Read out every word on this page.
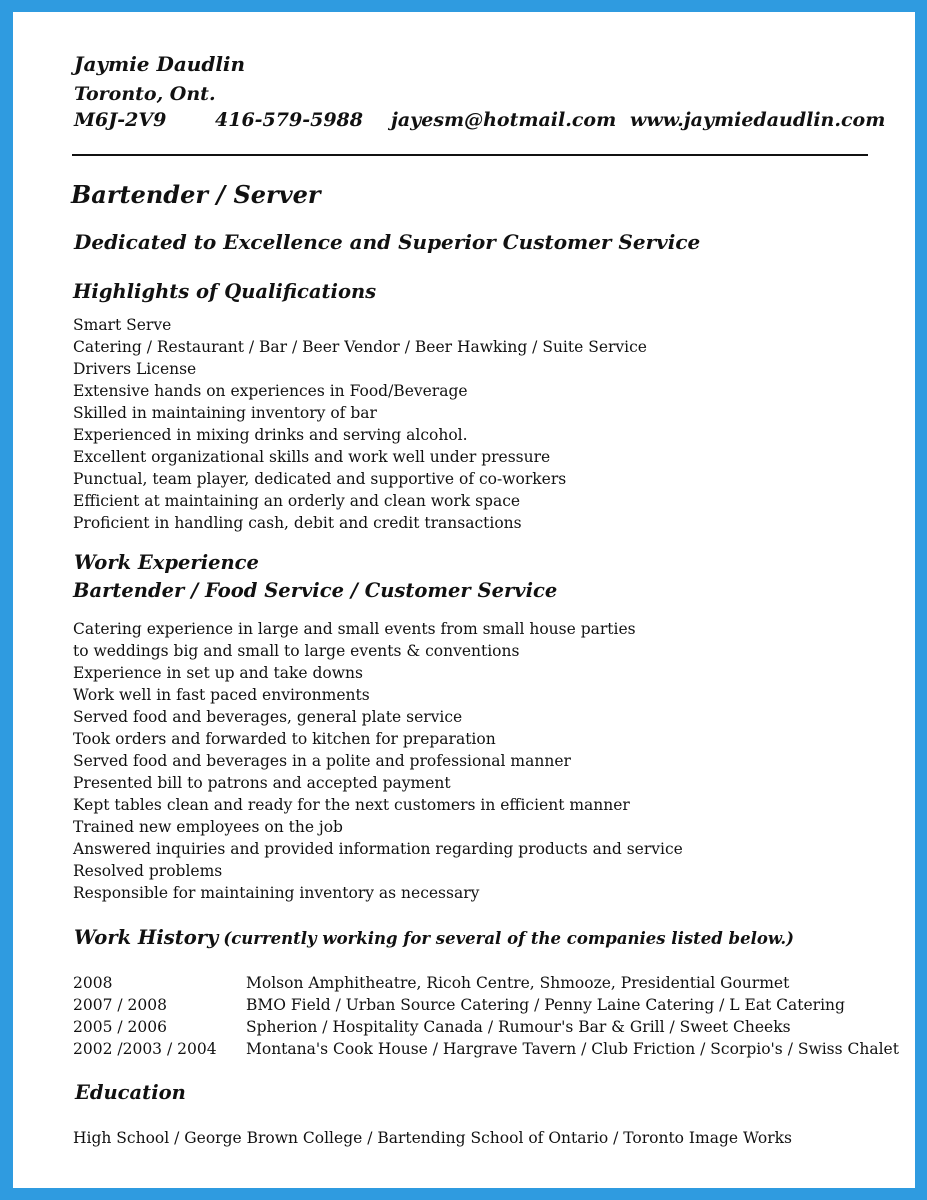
Jaymie Daudlin
Toronto, Ont.
M6J-2V9	416-579-5988 jayesm@hotmail.com www.jaymiedaudlin.com
Bartender / Server
Dedicated to Excellence and Superior Customer Service
Highlights of Qualifications
Smart Serve
Catering / Restaurant / Bar / Beer Vendor / Beer Hawking / Suite Service
Drivers License
Extensive hands on experiences in Food/Beverage
Skilled in maintaining inventory of bar
Experienced in mixing drinks and serving alcohol.
Excellent organizational skills and work well under pressure
Punctual, team player, dedicated and supportive of co-workers
Efficient at maintaining an orderly and clean work space
Proficient in handling cash, debit and credit transactions
Work Experience
Bartender / Food Service / Customer Service
Catering experience in large and small events from small house parties
to weddings big and small to large events & conventions
Experience in set up and take downs
Work well in fast paced environments
Served food and beverages, general plate service
Took orders and forwarded to kitchen for preparation
Served food and beverages in a polite and professional manner
Presented bill to patrons and accepted payment
Kept tables clean and ready for the next customers in efficient manner
Trained new employees on the job
Answered inquiries and provided information regarding products and service
Resolved problems
Responsible for maintaining inventory as necessary
Work History (currently working for several of the companies listed below.)
2008	Molson Amphitheatre, Ricoh Centre, Shmooze, Presidential Gourmet
2007 / 2008	BMO Field / Urban Source Catering / Penny Laine Catering / L Eat Catering
2005 / 2006	Spherion / Hospitality Canada / Rumour's Bar & Grill / Sweet Cheeks
2002 /2003 / 2004 Montana's Cook House / Hargrave Tavern / Club Friction / Scorpio's / Swiss Chalet
Education
High School / George Brown College / Bartending School of Ontario / Toronto Image Works
